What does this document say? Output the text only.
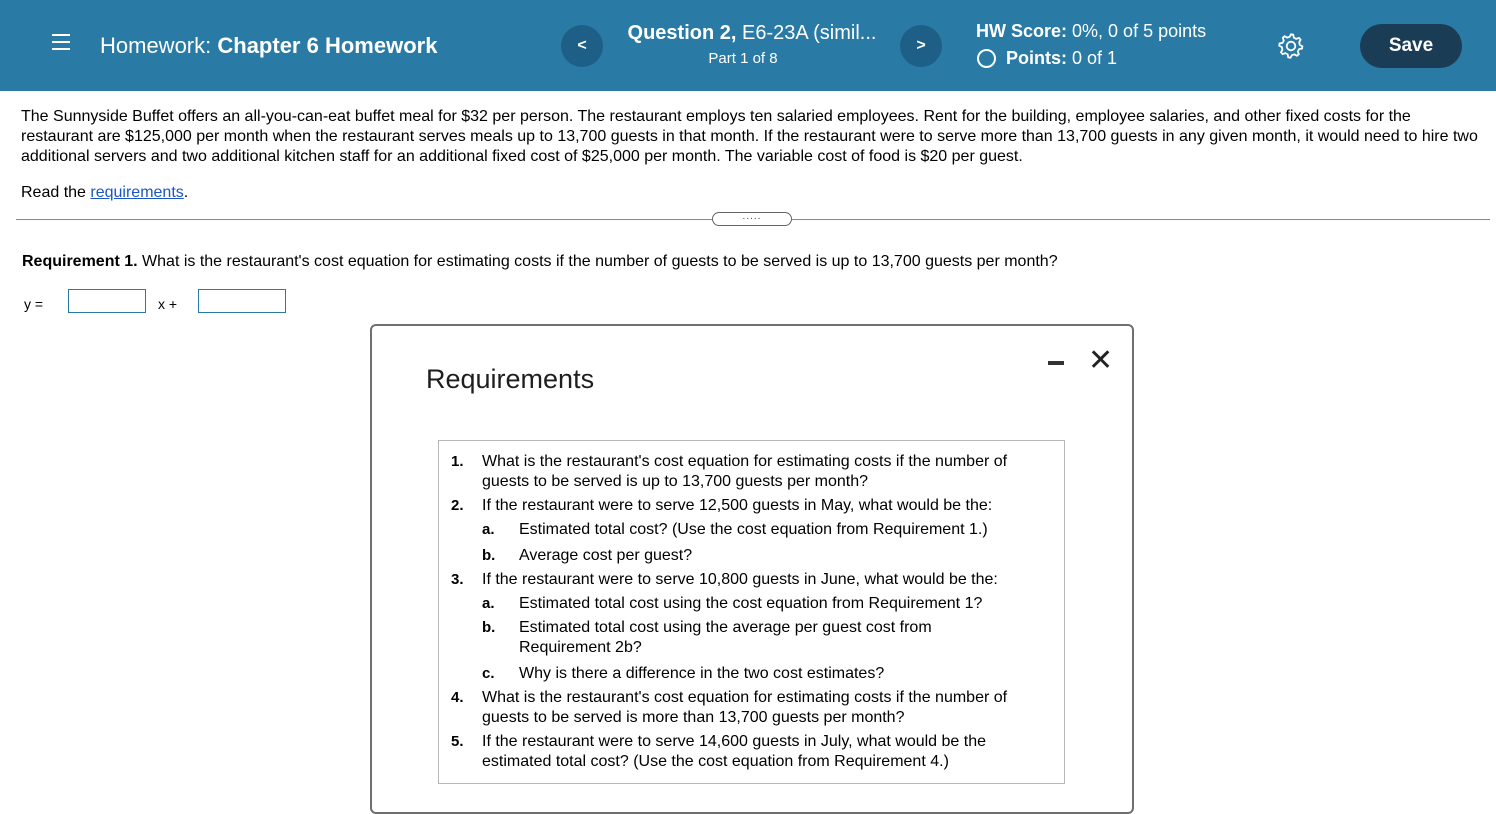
Homework: Chapter 6 Homework	<
Question 2, E6-23A (simil...
Part 1 of 8
>
HW Score: 0%, 0 of 5 points
Points:
0 of 1
Save
The Sunnyside Buffet offers an all-you-can-eat buffet meal for $32 per person. The restaurant employs ten salaried employees. Rent for the building, employee salaries, and other fixed costs for the restaurant are $125,000 per month when the restaurant serves meals up to 13,700 guests in that month. If the restaurant were to serve more than 13,700 guests in any given month, it would need to hire two additional servers and two additional kitchen staff for an additional fixed cost of $25,000 per month. The variable cost of food is $20 per guest.
Read the requirements.
.....
Requirement 1. What is the restaurant's cost equation for estimating costs if the number of guests to be served is up to 13,700 guests per month?
y =	x +
Requirements
✕
1. What is the restaurant's cost equation for estimating costs if the number of guests to be served is up to 13,700 guests per month?
2. If the restaurant were to serve 12,500 guests in May, what would be the:
a. Estimated total cost? (Use the cost equation from Requirement 1.)
b. Average cost per guest?
3. If the restaurant were to serve 10,800 guests in June, what would be the:
a. Estimated total cost using the cost equation from Requirement 1?
b. Estimated total cost using the average per guest cost from Requirement 2b?
c. Why is there a difference in the two cost estimates?
4. What is the restaurant's cost equation for estimating costs if the number of guests to be served is more than 13,700 guests per month?
5. If the restaurant were to serve 14,600 guests in July, what would be the estimated total cost? (Use the cost equation from Requirement 4.)
